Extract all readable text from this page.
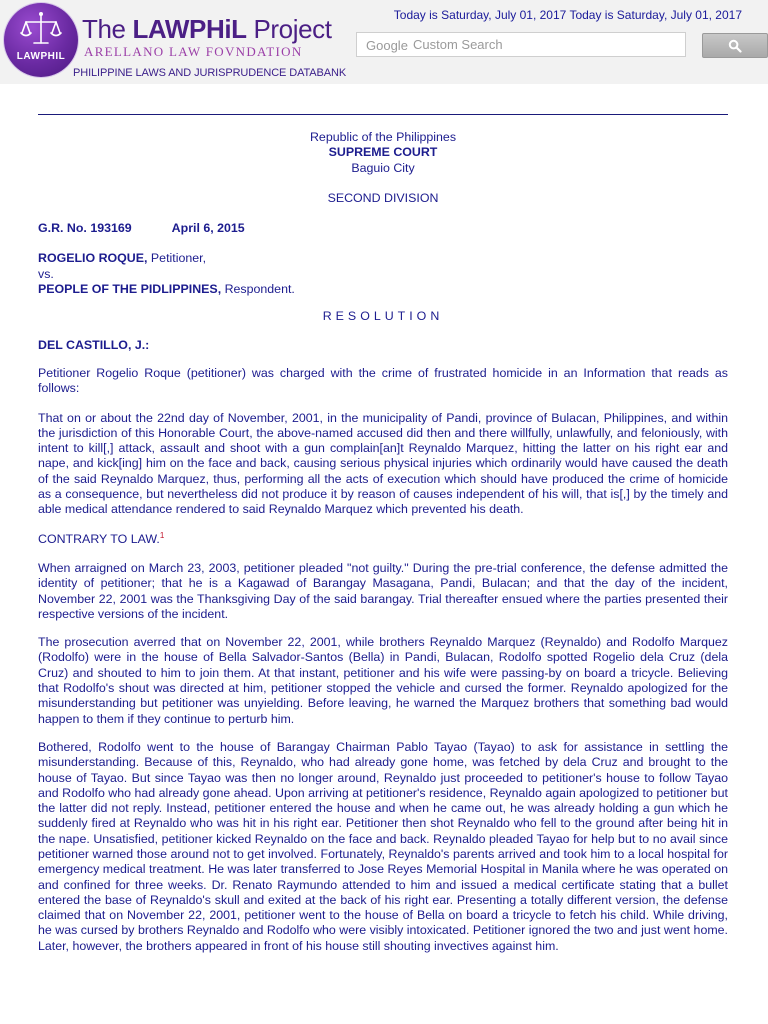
LAWPHIL
The LAWPHiL Project
ARELLANO LAW FOVNDATION
PHILIPPINE LAWS AND JURISPRUDENCE DATABANK
Today is Saturday, July 01, 2017 Today is Saturday, July 01, 2017
Custom Search
Google

Republic of the Philippines

SUPREME COURT

Baguio City

SECOND DIVISION

G.R. No. 193169	April 6, 2015

ROGELIO ROQUE, Petitioner,

vs.

PEOPLE OF THE PIDLIPPINES, Respondent.

RESOLUTION

DEL CASTILLO, J.:

Petitioner Rogelio Roque (petitioner) was charged with the crime of frustrated homicide in an Information that reads as follows:

That on or about the 22nd day of November, 2001, in the municipality of Pandi, province of Bulacan, Philippines, and within the jurisdiction of this Honorable Court, the above-named accused did then and there willfully, unlawfully, and feloniously, with intent to kill[,] attack, assault and shoot with a gun complain[an]t Reynaldo Marquez, hitting the latter on his right ear and nape, and kick[ing] him on the face and back, causing serious physical injuries which ordinarily would have caused the death of the said Reynaldo Marquez, thus, performing all the acts of execution which should have produced the crime of homicide as a consequence, but nevertheless did not produce it by reason of causes independent of his will, that is[,] by the timely and able medical attendance rendered to said Reynaldo Marquez which prevented his death.

CONTRARY TO LAW.$^1$

When arraigned on March 23, 2003, petitioner pleaded "not guilty." During the pre-trial conference, the defense admitted the identity of petitioner; that he is a Kagawad of Barangay Masagana, Pandi, Bulacan; and that the day of the incident, November 22, 2001 was the Thanksgiving Day of the said barangay. Trial thereafter ensued where the parties presented their respective versions of the incident.

The prosecution averred that on November 22, 2001, while brothers Reynaldo Marquez (Reynaldo) and Rodolfo Marquez (Rodolfo) were in the house of Bella Salvador-Santos (Bella) in Pandi, Bulacan, Rodolfo spotted Rogelio dela Cruz (dela Cruz) and shouted to him to join them. At that instant, petitioner and his wife were passing-by on board a tricycle. Believing that Rodolfo's shout was directed at him, petitioner stopped the vehicle and cursed the former. Reynaldo apologized for the misunderstanding but petitioner was unyielding. Before leaving, he warned the Marquez brothers that something bad would happen to them if they continue to perturb him.

Bothered, Rodolfo went to the house of Barangay Chairman Pablo Tayao (Tayao) to ask for assistance in settling the misunderstanding. Because of this, Reynaldo, who had already gone home, was fetched by dela Cruz and brought to the house of Tayao. But since Tayao was then no longer around, Reynaldo just proceeded to petitioner's house to follow Tayao and Rodolfo who had already gone ahead. Upon arriving at petitioner's residence, Reynaldo again apologized to petitioner but the latter did not reply. Instead, petitioner entered the house and when he came out, he was already holding a gun which he suddenly fired at Reynaldo who was hit in his right ear. Petitioner then shot Reynaldo who fell to the ground after being hit in the nape. Unsatisfied, petitioner kicked Reynaldo on the face and back. Reynaldo pleaded Tayao for help but to no avail since petitioner warned those around not to get involved. Fortunately, Reynaldo's parents arrived and took him to a local hospital for emergency medical treatment. He was later transferred to Jose Reyes Memorial Hospital in Manila where he was operated on and confined for three weeks. Dr. Renato Raymundo attended to him and issued a medical certificate stating that a bullet entered the base of Reynaldo's skull and exited at the back of his right ear. Presenting a totally different version, the defense claimed that on November 22, 2001, petitioner went to the house of Bella on board a tricycle to fetch his child. While driving, he was cursed by brothers Reynaldo and Rodolfo who were visibly intoxicated. Petitioner ignored the two and just went home. Later, however, the brothers appeared in front of his house still shouting invectives against him.
